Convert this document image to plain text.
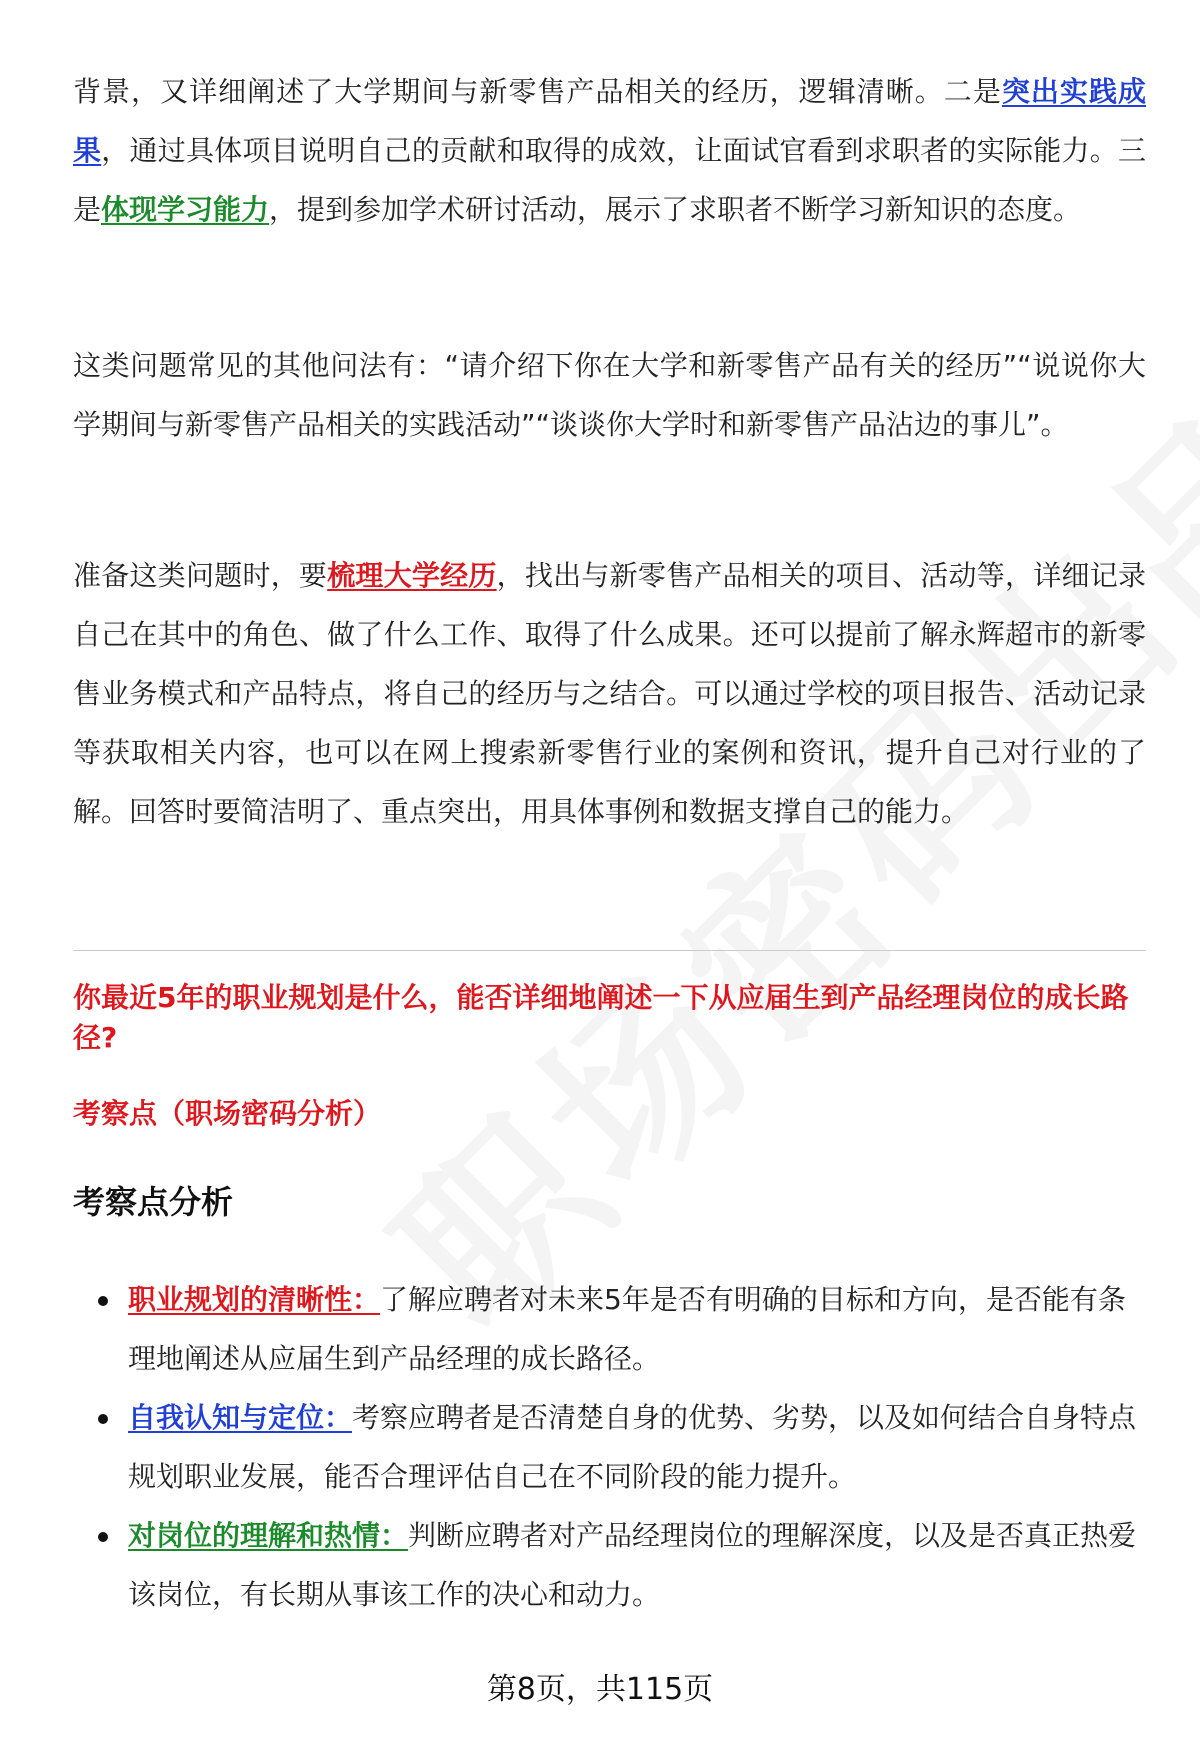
背景，又详细阐述了大学期间与新零售产品相关的经历，逻辑清晰。二是突出实践成果，通过具体项目说明自己的贡献和取得的成效，让面试官看到求职者的实际能力。三是体现学习能力，提到参加学术研讨活动，展示了求职者不断学习新知识的态度。

这类问题常见的其他问法有：“请介绍下你在大学和新零售产品有关的经历”“说说你大学期间与新零售产品相关的实践活动”“谈谈你大学时和新零售产品沾边的事儿”。

准备这类问题时，要梳理大学经历，找出与新零售产品相关的项目、活动等，详细记录自己在其中的角色、做了什么工作、取得了什么成果。还可以提前了解永辉超市的新零售业务模式和产品特点，将自己的经历与之结合。可以通过学校的项目报告、活动记录等获取相关内容，也可以在网上搜索新零售行业的案例和资讯，提升自己对行业的了解。回答时要简洁明了、重点突出，用具体事例和数据支撑自己的能力。

你最近5年的职业规划是什么，能否详细地阐述一下从应届生到产品经理岗位的成长路径?

考察点（职场密码分析）

考察点分析
职业规划的清晰性：了解应聘者对未来5年是否有明确的目标和方向，是否能有条理地阐述从应届生到产品经理的成长路径。
自我认知与定位：考察应聘者是否清楚自身的优势、劣势，以及如何结合自身特点规划职业发展，能否合理评估自己在不同阶段的能力提升。
对岗位的理解和热情：判断应聘者对产品经理岗位的理解深度，以及是否真正热爱该岗位，有长期从事该工作的决心和动力。
第8页，共115页
